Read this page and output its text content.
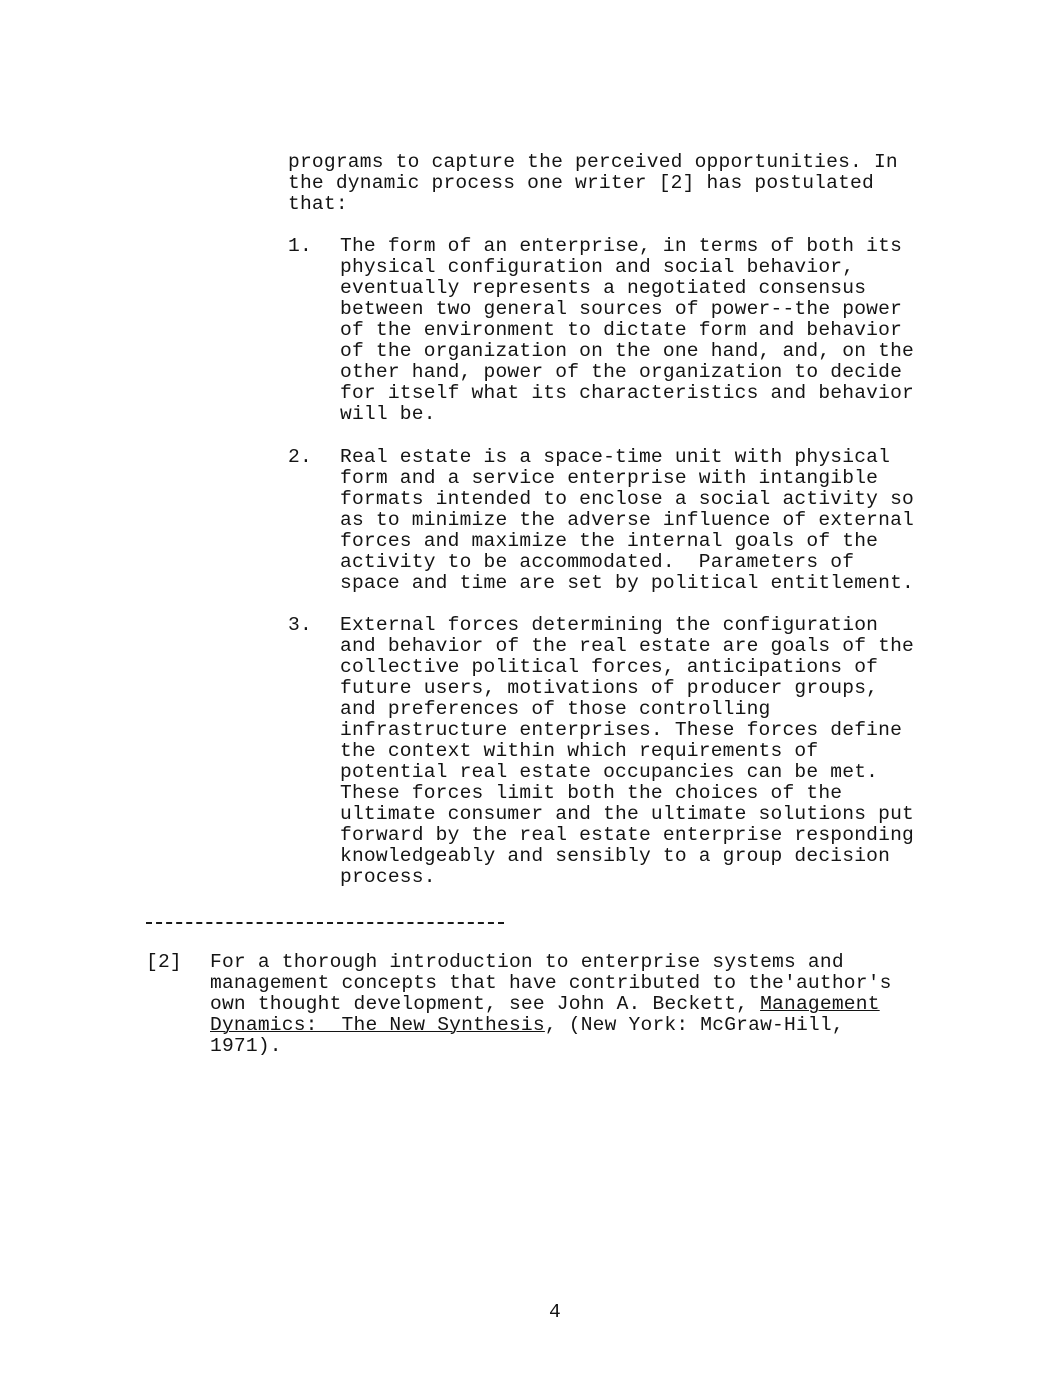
programs to capture the perceived opportunities. In
the dynamic process one writer [2] has postulated
that:
1. The form of an enterprise, in terms of both its
physical configuration and social behavior,
eventually represents a negotiated consensus
between two general sources of power--the power
of the environment to dictate form and behavior
of the organization on the one hand, and, on the
other hand, power of the organization to decide
for itself what its characteristics and behavior
will be.
2. Real estate is a space-time unit with physical
form and a service enterprise with intangible
formats intended to enclose a social activity so
as to minimize the adverse influence of external
forces and maximize the internal goals of the
activity to be accommodated.  Parameters of
space and time are set by political entitlement.
3. External forces determining the configuration
and behavior of the real estate are goals of the
collective political forces, anticipations of
future users, motivations of producer groups,
and preferences of those controlling
infrastructure enterprises. These forces define
the context within which requirements of
potential real estate occupancies can be met.
These forces limit both the choices of the
ultimate consumer and the ultimate solutions put
forward by the real estate enterprise responding
knowledgeably and sensibly to a group decision
process.
[2] For a thorough introduction to enterprise systems and
management concepts that have contributed to the'author's
own thought development, see John A. Beckett, Management
Dynamics:__The_New_Synthesis, (New York: McGraw-Hill,
1971).
4
